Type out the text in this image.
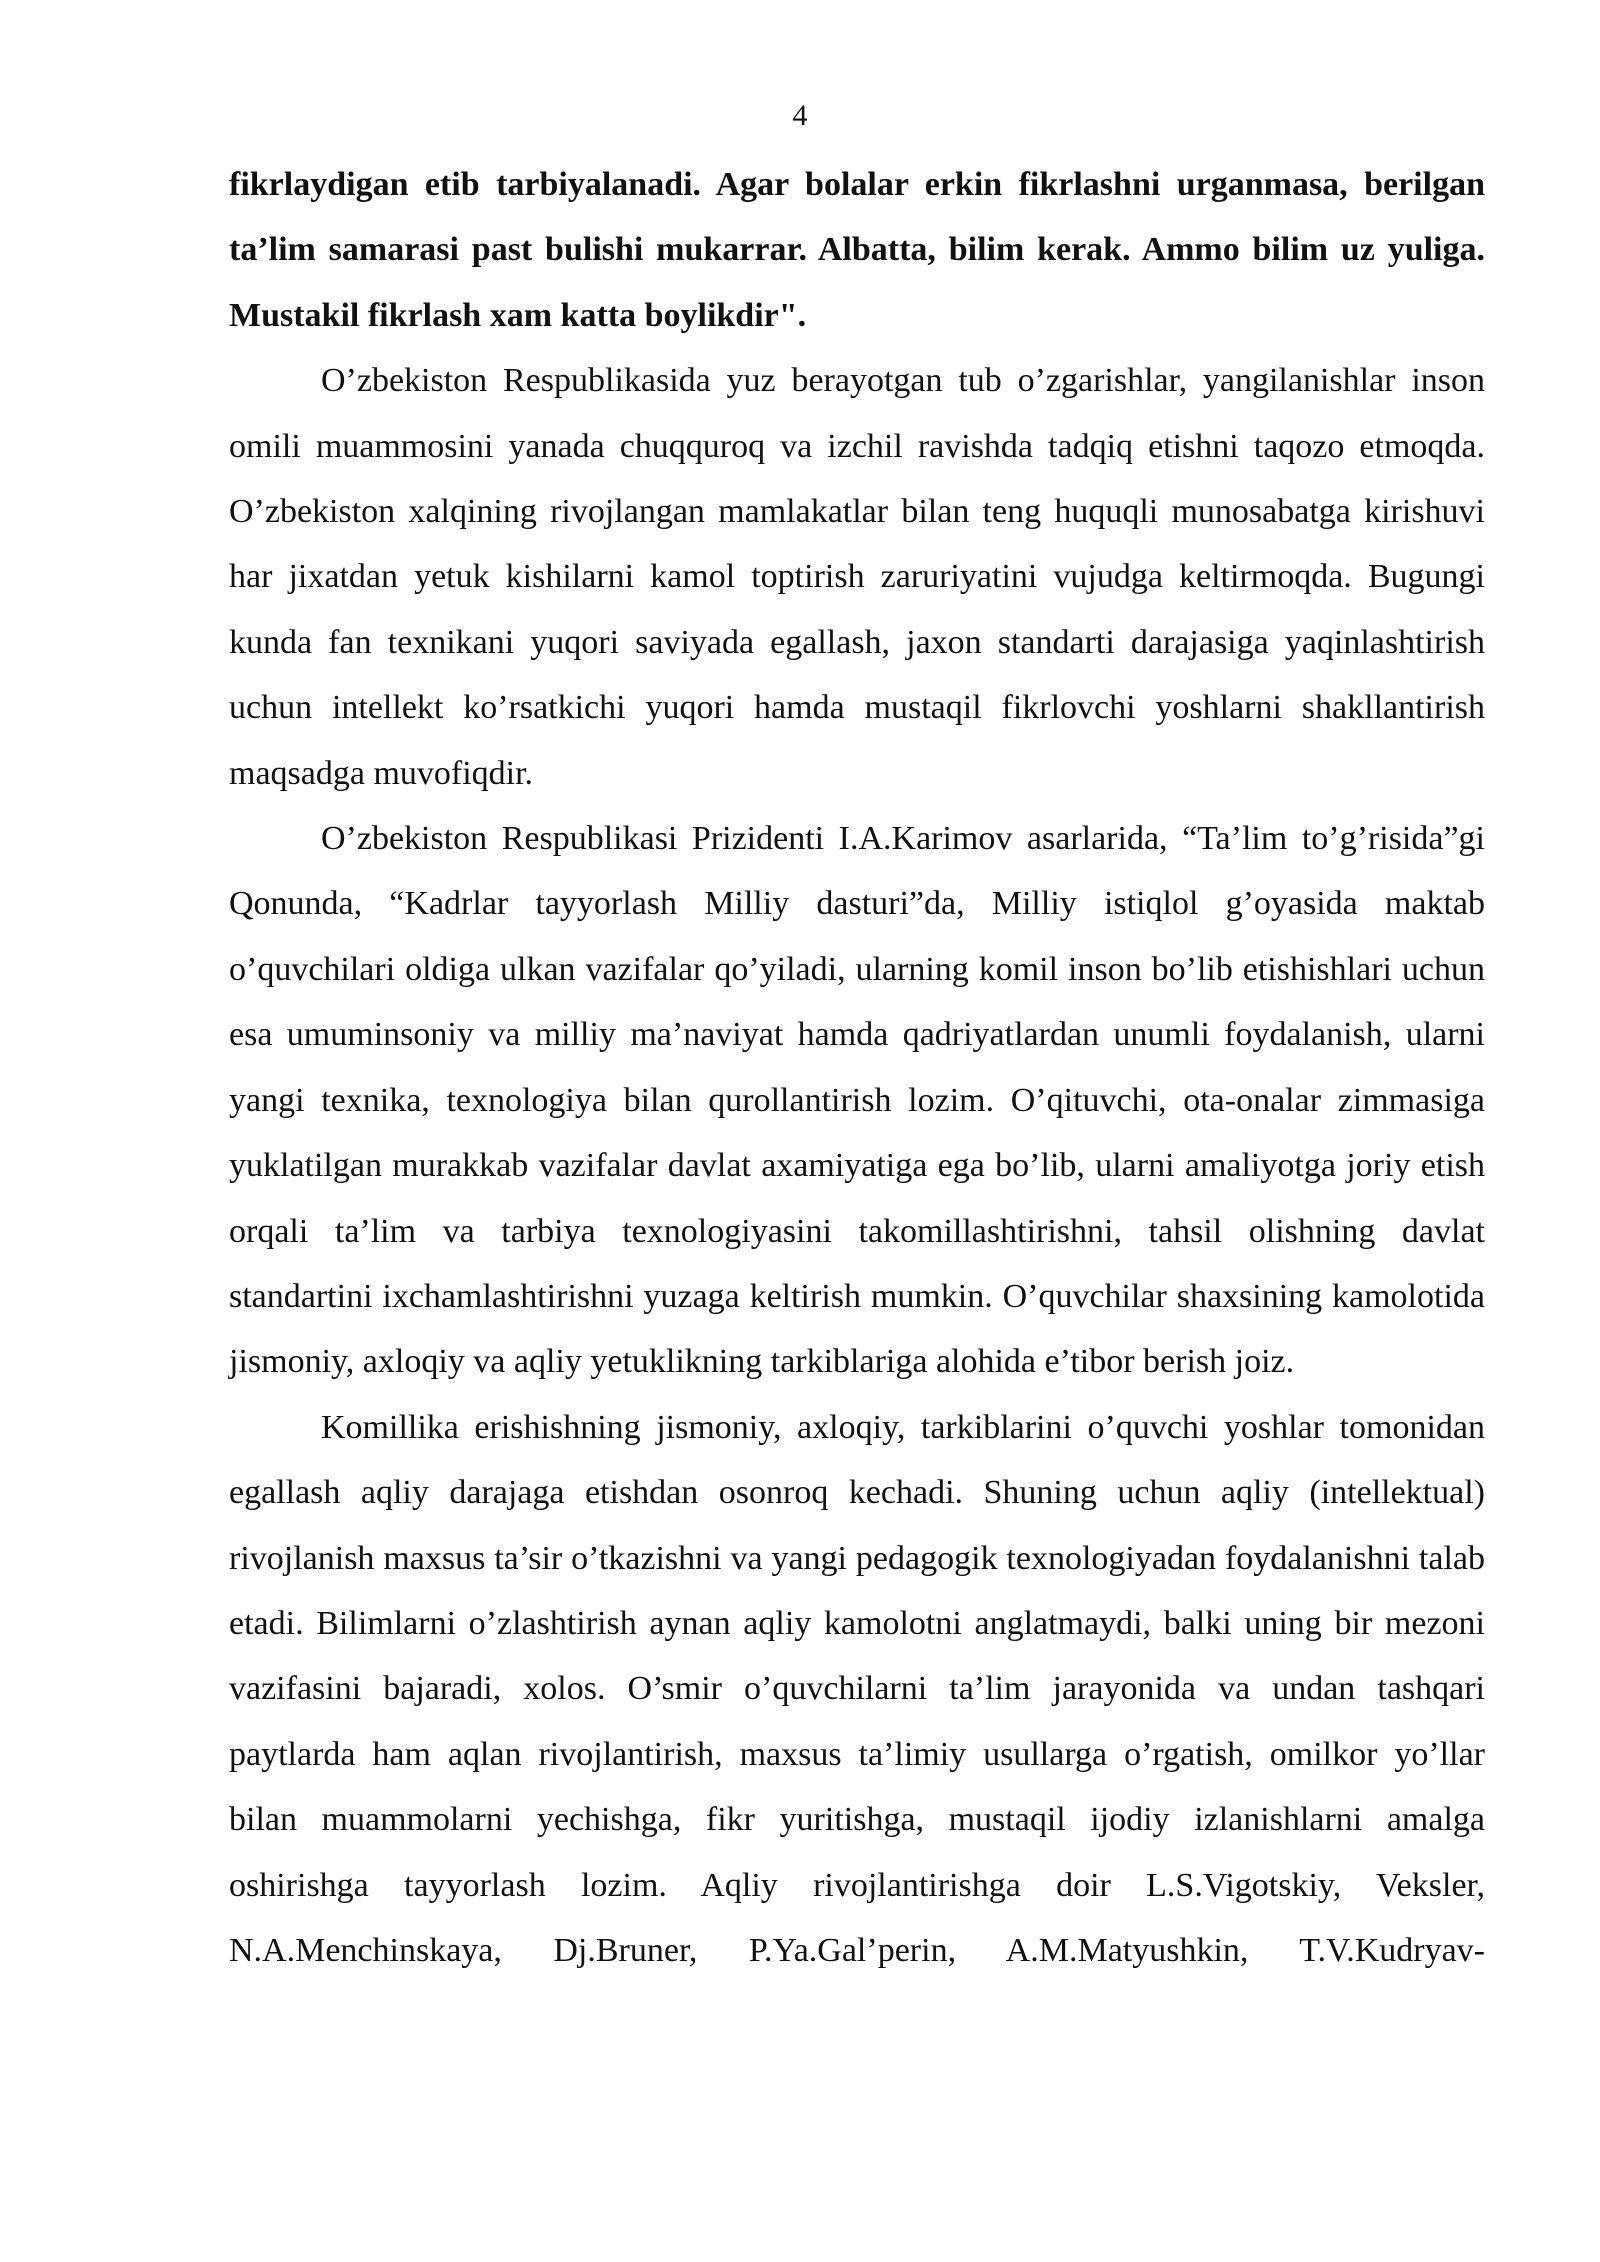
4

fikrlaydigan etib tarbiyalanadi. Agar bolalar erkin fikrlashni urganmasa, berilgan ta’lim samarasi past bulishi mukarrar. Albatta, bilim kerak. Ammo bilim uz yuliga. Mustakil fikrlash xam katta boylikdir".

O’zbekiston Respublikasida yuz berayotgan tub o’zgarishlar, yangilanishlar inson omili muammosini yanada chuqquroq va izchil ravishda tadqiq etishni taqozo etmoqda. O’zbekiston xalqining rivojlangan mamlakatlar bilan teng huquqli munosabatga kirishuvi har jixatdan yetuk kishilarni kamol toptirish zaruriyatini vujudga keltirmoqda. Bugungi kunda fan texnikani yuqori saviyada egallash, jaxon standarti darajasiga yaqinlashtirish uchun intellekt ko’rsatkichi yuqori hamda mustaqil fikrlovchi yoshlarni shakllantirish maqsadga muvofiqdir.

O’zbekiston Respublikasi Prizidenti I.A.Karimov asarlarida, “Ta’lim to’g’risida”gi Qonunda, “Kadrlar tayyorlash Milliy dasturi”da, Milliy istiqlol g’oyasida maktab o’quvchilari oldiga ulkan vazifalar qo’yiladi, ularning komil inson bo’lib etishishlari uchun esa umuminsoniy va milliy ma’naviyat hamda qadriyatlardan unumli foydalanish, ularni yangi texnika, texnologiya bilan qurollantirish lozim. O’qituvchi, ota-onalar zimmasiga yuklatilgan murakkab vazifalar davlat axamiyatiga ega bo’lib, ularni amaliyotga joriy etish orqali ta’lim va tarbiya texnologiyasini takomillashtirishni, tahsil olishning davlat standartini ixchamlashtirishni yuzaga keltirish mumkin. O’quvchilar shaxsining kamolotida jismoniy, axloqiy va aqliy yetuklikning tarkiblariga alohida e’tibor berish joiz.

Komillika erishishning jismoniy, axloqiy, tarkiblarini o’quvchi yoshlar tomonidan egallash aqliy darajaga etishdan osonroq kechadi. Shuning uchun aqliy (intellektual) rivojlanish maxsus ta’sir o’tkazishni va yangi pedagogik texnologiyadan foydalanishni talab etadi. Bilimlarni o’zlashtirish aynan aqliy kamolotni anglatmaydi, balki uning bir mezoni vazifasini bajaradi, xolos. O’smir o’quvchilarni ta’lim jarayonida va undan tashqari paytlarda ham aqlan rivojlantirish, maxsus ta’limiy usullarga o’rgatish, omilkor yo’llar bilan muammolarni yechishga, fikr yuritishga, mustaqil ijodiy izlanishlarni amalga oshirishga tayyorlash lozim. Aqliy rivojlantirishga doir L.S.Vigotskiy, Veksler, N.A.Menchinskaya, Dj.Bruner, P.Ya.Gal’perin, A.M.Matyushkin, T.V.Kudryav-
